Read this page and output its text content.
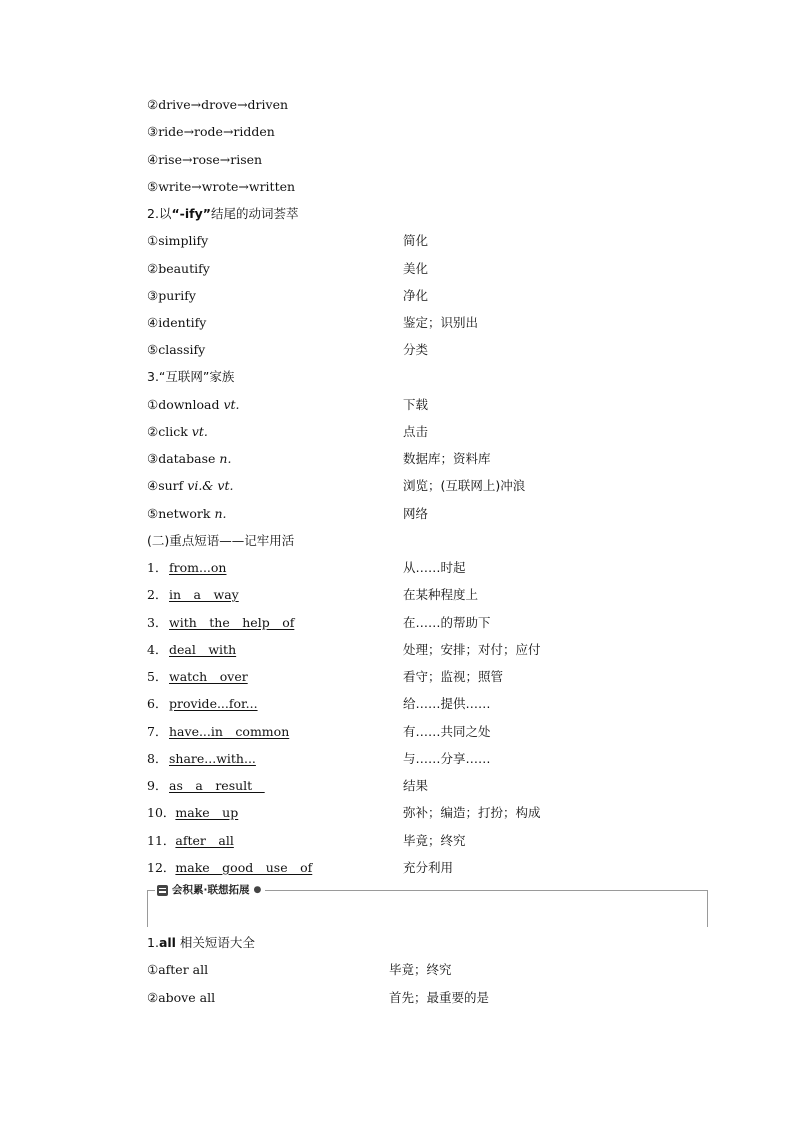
②drive→drove→driven
③ride→rode→ridden
④rise→rose→risen
⑤write→wrote→written
2.以“-ify”结尾的动词荟萃
①simplify	简化
②beautify	美化
③purify	净化
④identify	鉴定；识别出
⑤classify	分类
3.“互联网”家族
①download vt.	下载
②click vt.	点击
③database n.	数据库；资料库
④surf vi.& vt.	浏览；(互联网上)冲浪
⑤network n.	网络
(二)重点短语——记牢用活
1． from...on	从……时起
2． in　a　way	在某种程度上
3． with　the　help　of	在……的帮助下
4． deal　with	处理；安排；对付；应付
5． watch　over	看守；监视；照管
6． provide...for...	给……提供……
7． have...in　common	有……共同之处
8． share...with...	与……分享……
9． as　a　result　	结果
10．make　up	弥补；编造；打扮；构成
11．after　all	毕竟；终究
12．make　good　use　of	充分利用
会积累·联想拓展 ●
1.all 相关短语大全
①after all	毕竟；终究
②above all	首先；最重要的是
